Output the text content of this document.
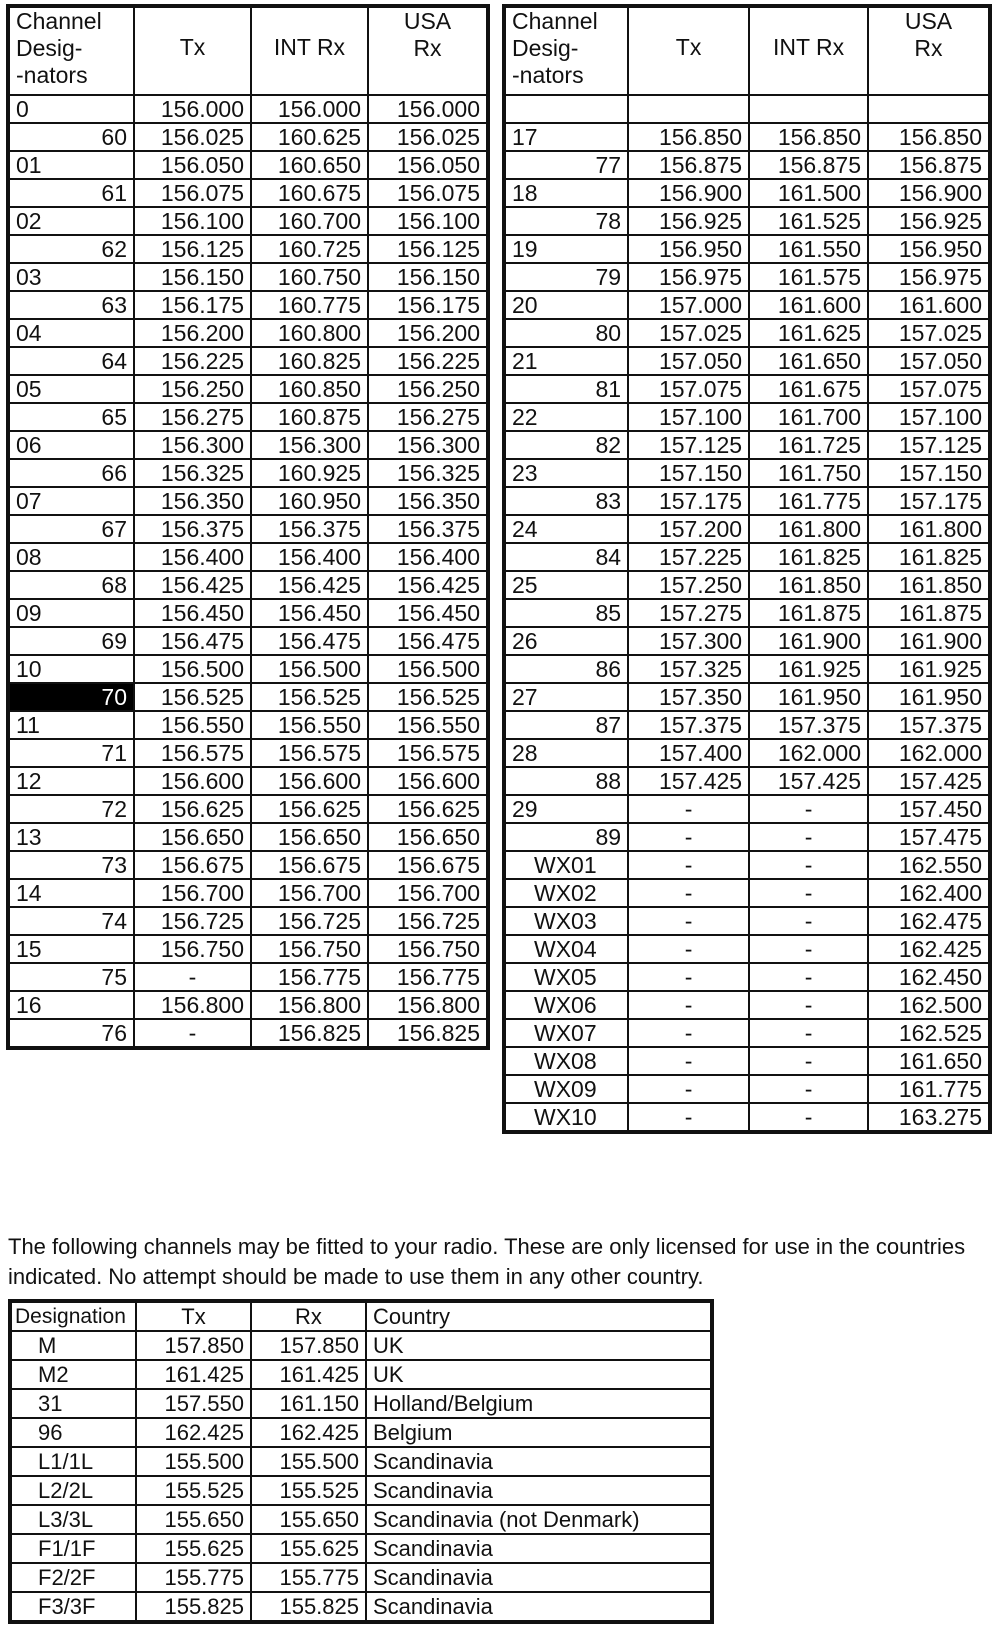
Channel
Desig-
-nators	Tx	INT Rx	USA
Rx
0	156.000	156.000	156.000
60	156.025	160.625	156.025
01	156.050	160.650	156.050
61	156.075	160.675	156.075
02	156.100	160.700	156.100
62	156.125	160.725	156.125
03	156.150	160.750	156.150
63	156.175	160.775	156.175
04	156.200	160.800	156.200
64	156.225	160.825	156.225
05	156.250	160.850	156.250
65	156.275	160.875	156.275
06	156.300	156.300	156.300
66	156.325	160.925	156.325
07	156.350	160.950	156.350
67	156.375	156.375	156.375
08	156.400	156.400	156.400
68	156.425	156.425	156.425
09	156.450	156.450	156.450
69	156.475	156.475	156.475
10	156.500	156.500	156.500
70	156.525	156.525	156.525
11	156.550	156.550	156.550
71	156.575	156.575	156.575
12	156.600	156.600	156.600
72	156.625	156.625	156.625
13	156.650	156.650	156.650
73	156.675	156.675	156.675
14	156.700	156.700	156.700
74	156.725	156.725	156.725
15	156.750	156.750	156.750
75	-	156.775	156.775
16	156.800	156.800	156.800
76	-	156.825	156.825
Channel
Desig-
-nators	Tx	INT Rx	USA
Rx

17	156.850	156.850	156.850
77	156.875	156.875	156.875
18	156.900	161.500	156.900
78	156.925	161.525	156.925
19	156.950	161.550	156.950
79	156.975	161.575	156.975
20	157.000	161.600	161.600
80	157.025	161.625	157.025
21	157.050	161.650	157.050
81	157.075	161.675	157.075
22	157.100	161.700	157.100
82	157.125	161.725	157.125
23	157.150	161.750	157.150
83	157.175	161.775	157.175
24	157.200	161.800	161.800
84	157.225	161.825	161.825
25	157.250	161.850	161.850
85	157.275	161.875	161.875
26	157.300	161.900	161.900
86	157.325	161.925	161.925
27	157.350	161.950	161.950
87	157.375	157.375	157.375
28	157.400	162.000	162.000
88	157.425	157.425	157.425
29	-	-	157.450
89	-	-	157.475
WX01	-	-	162.550
WX02	-	-	162.400
WX03	-	-	162.475
WX04	-	-	162.425
WX05	-	-	162.450
WX06	-	-	162.500
WX07	-	-	162.525
WX08	-	-	161.650
WX09	-	-	161.775
WX10	-	-	163.275

The following channels may be fitted to your radio. These are only licensed for use in the countries indicated. No attempt should be made to use them in any other country.

Designation	Tx	Rx	Country
M	157.850	157.850	UK
M2	161.425	161.425	UK
31	157.550	161.150	Holland/Belgium
96	162.425	162.425	Belgium
L1/1L	155.500	155.500	Scandinavia
L2/2L	155.525	155.525	Scandinavia
L3/3L	155.650	155.650	Scandinavia (not Denmark)
F1/1F	155.625	155.625	Scandinavia
F2/2F	155.775	155.775	Scandinavia
F3/3F	155.825	155.825	Scandinavia
